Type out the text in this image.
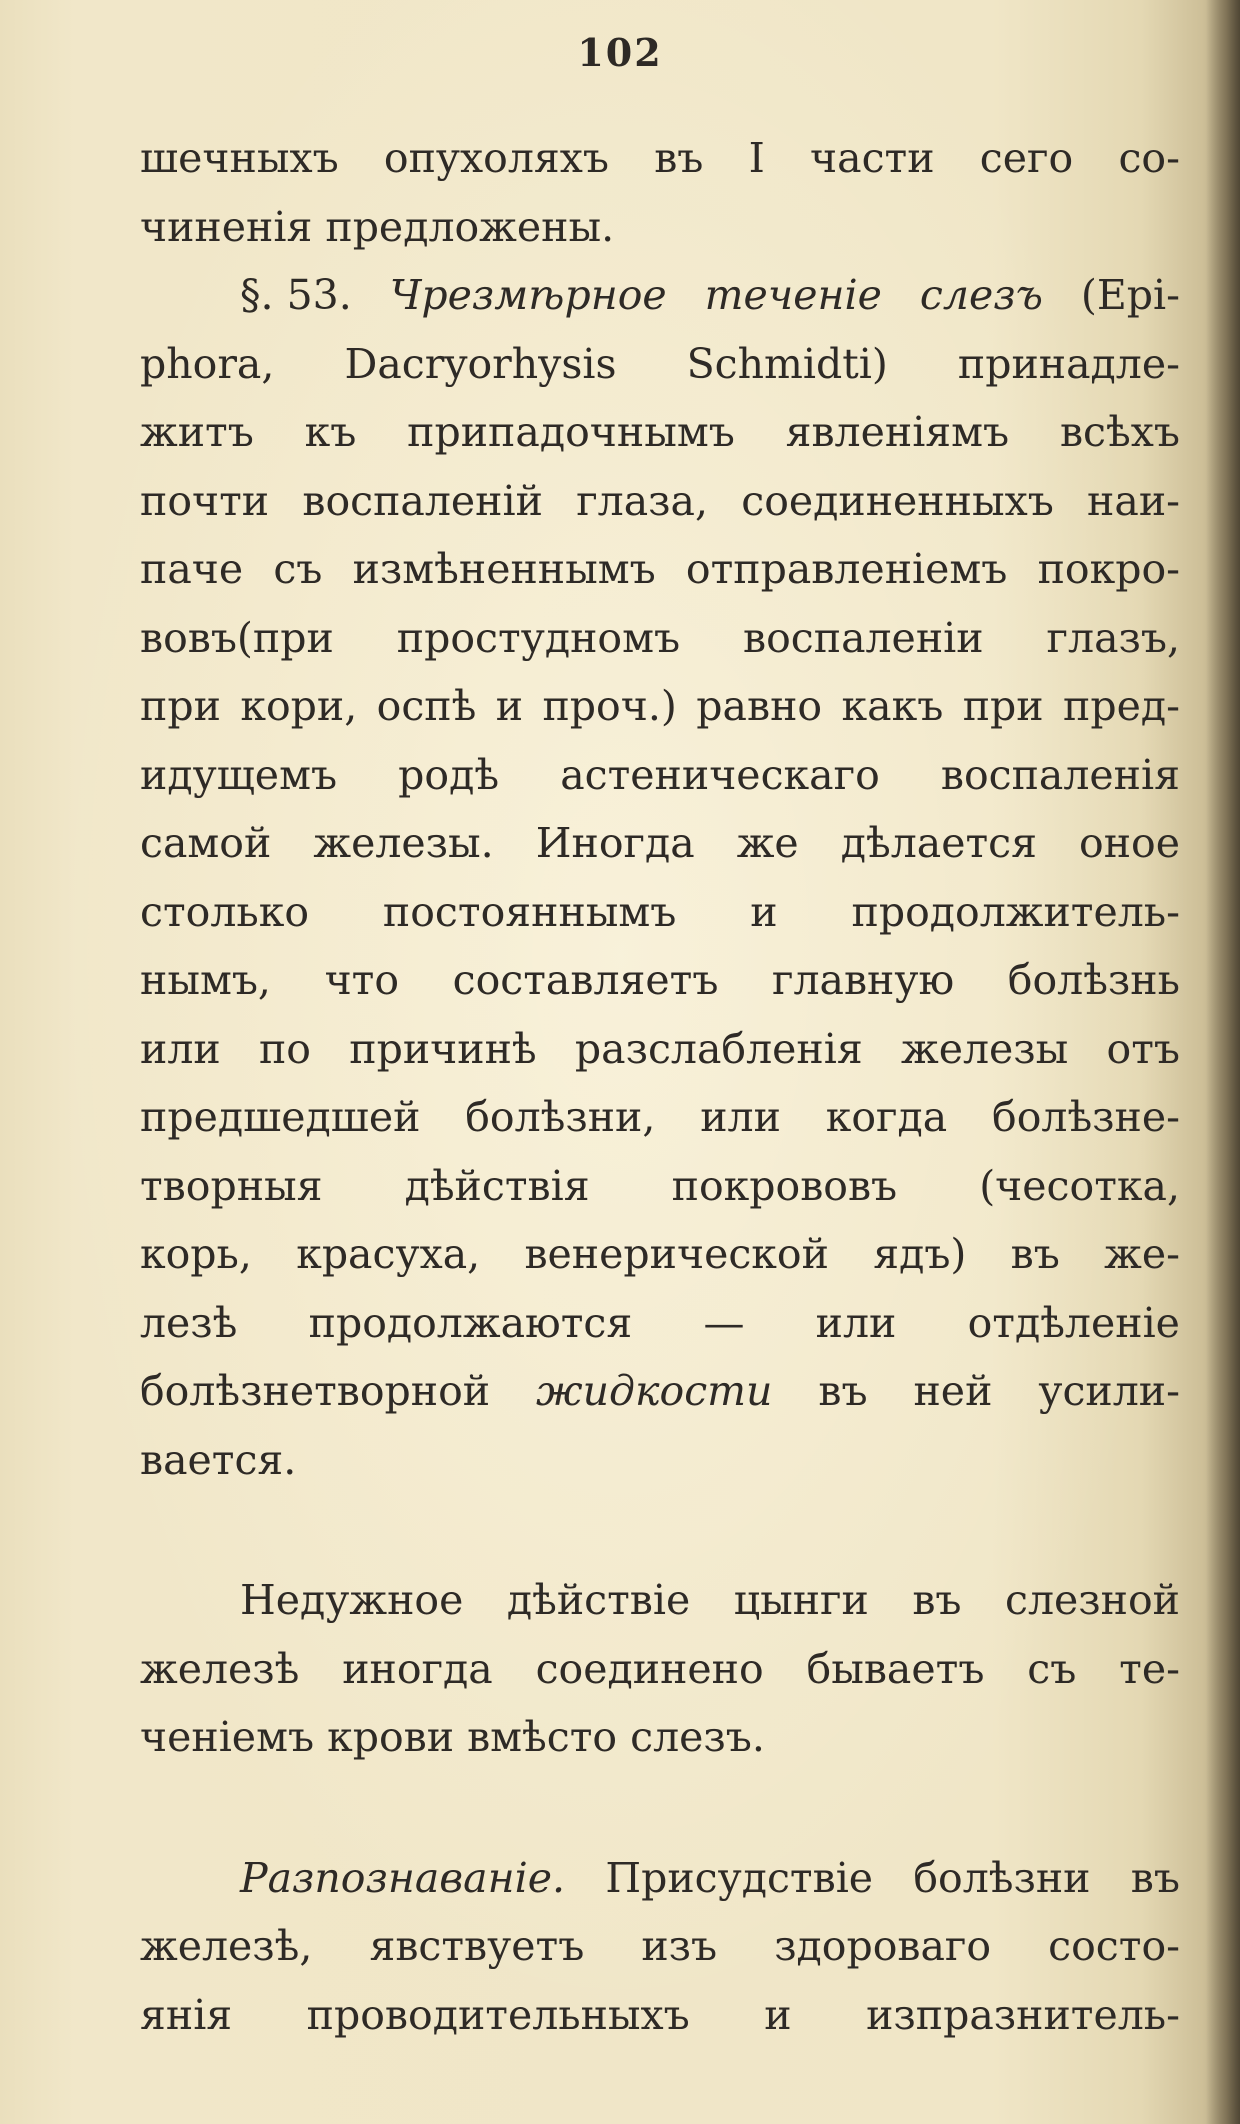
102
шечныхъ опухоляхъ въ I части сего со-
чиненія предложены.
§. 53. Чрезмѣрное теченіе слезъ (Epi-
phora, Dacryorhysis Schmidti) принадле-
житъ къ припадочнымъ явленіямъ всѣхъ
почти воспаленій глаза, соединенныхъ наи-
паче съ измѣненнымъ отправленіемъ покро-
вовъ(при простудномъ воспаленіи глазъ,
при кори, оспѣ и проч.) равно какъ при пред-
идущемъ родѣ астеническаго воспаленія
самой железы. Иногда же дѣлается оное
столько постояннымъ и продолжитель-
нымъ, что составляетъ главную болѣзнь
или по причинѣ разслабленія железы отъ
предшедшей болѣзни, или когда болѣзне-
творныя дѣйствія покрововъ (чесотка,
корь, красуха, венерической ядъ) въ же-
лезѣ продолжаются — или отдѣленіе
болѣзнетворной жидкости въ ней усили-
вается.
Недужное дѣйствіе цынги въ слезной
железѣ иногда соединено бываетъ съ те-
ченіемъ крови вмѣсто слезъ.
Разпознаваніе. Присудствіе болѣзни въ
железѣ, явствуетъ изъ здороваго состо-
янія проводительныхъ и изпразнитель-
